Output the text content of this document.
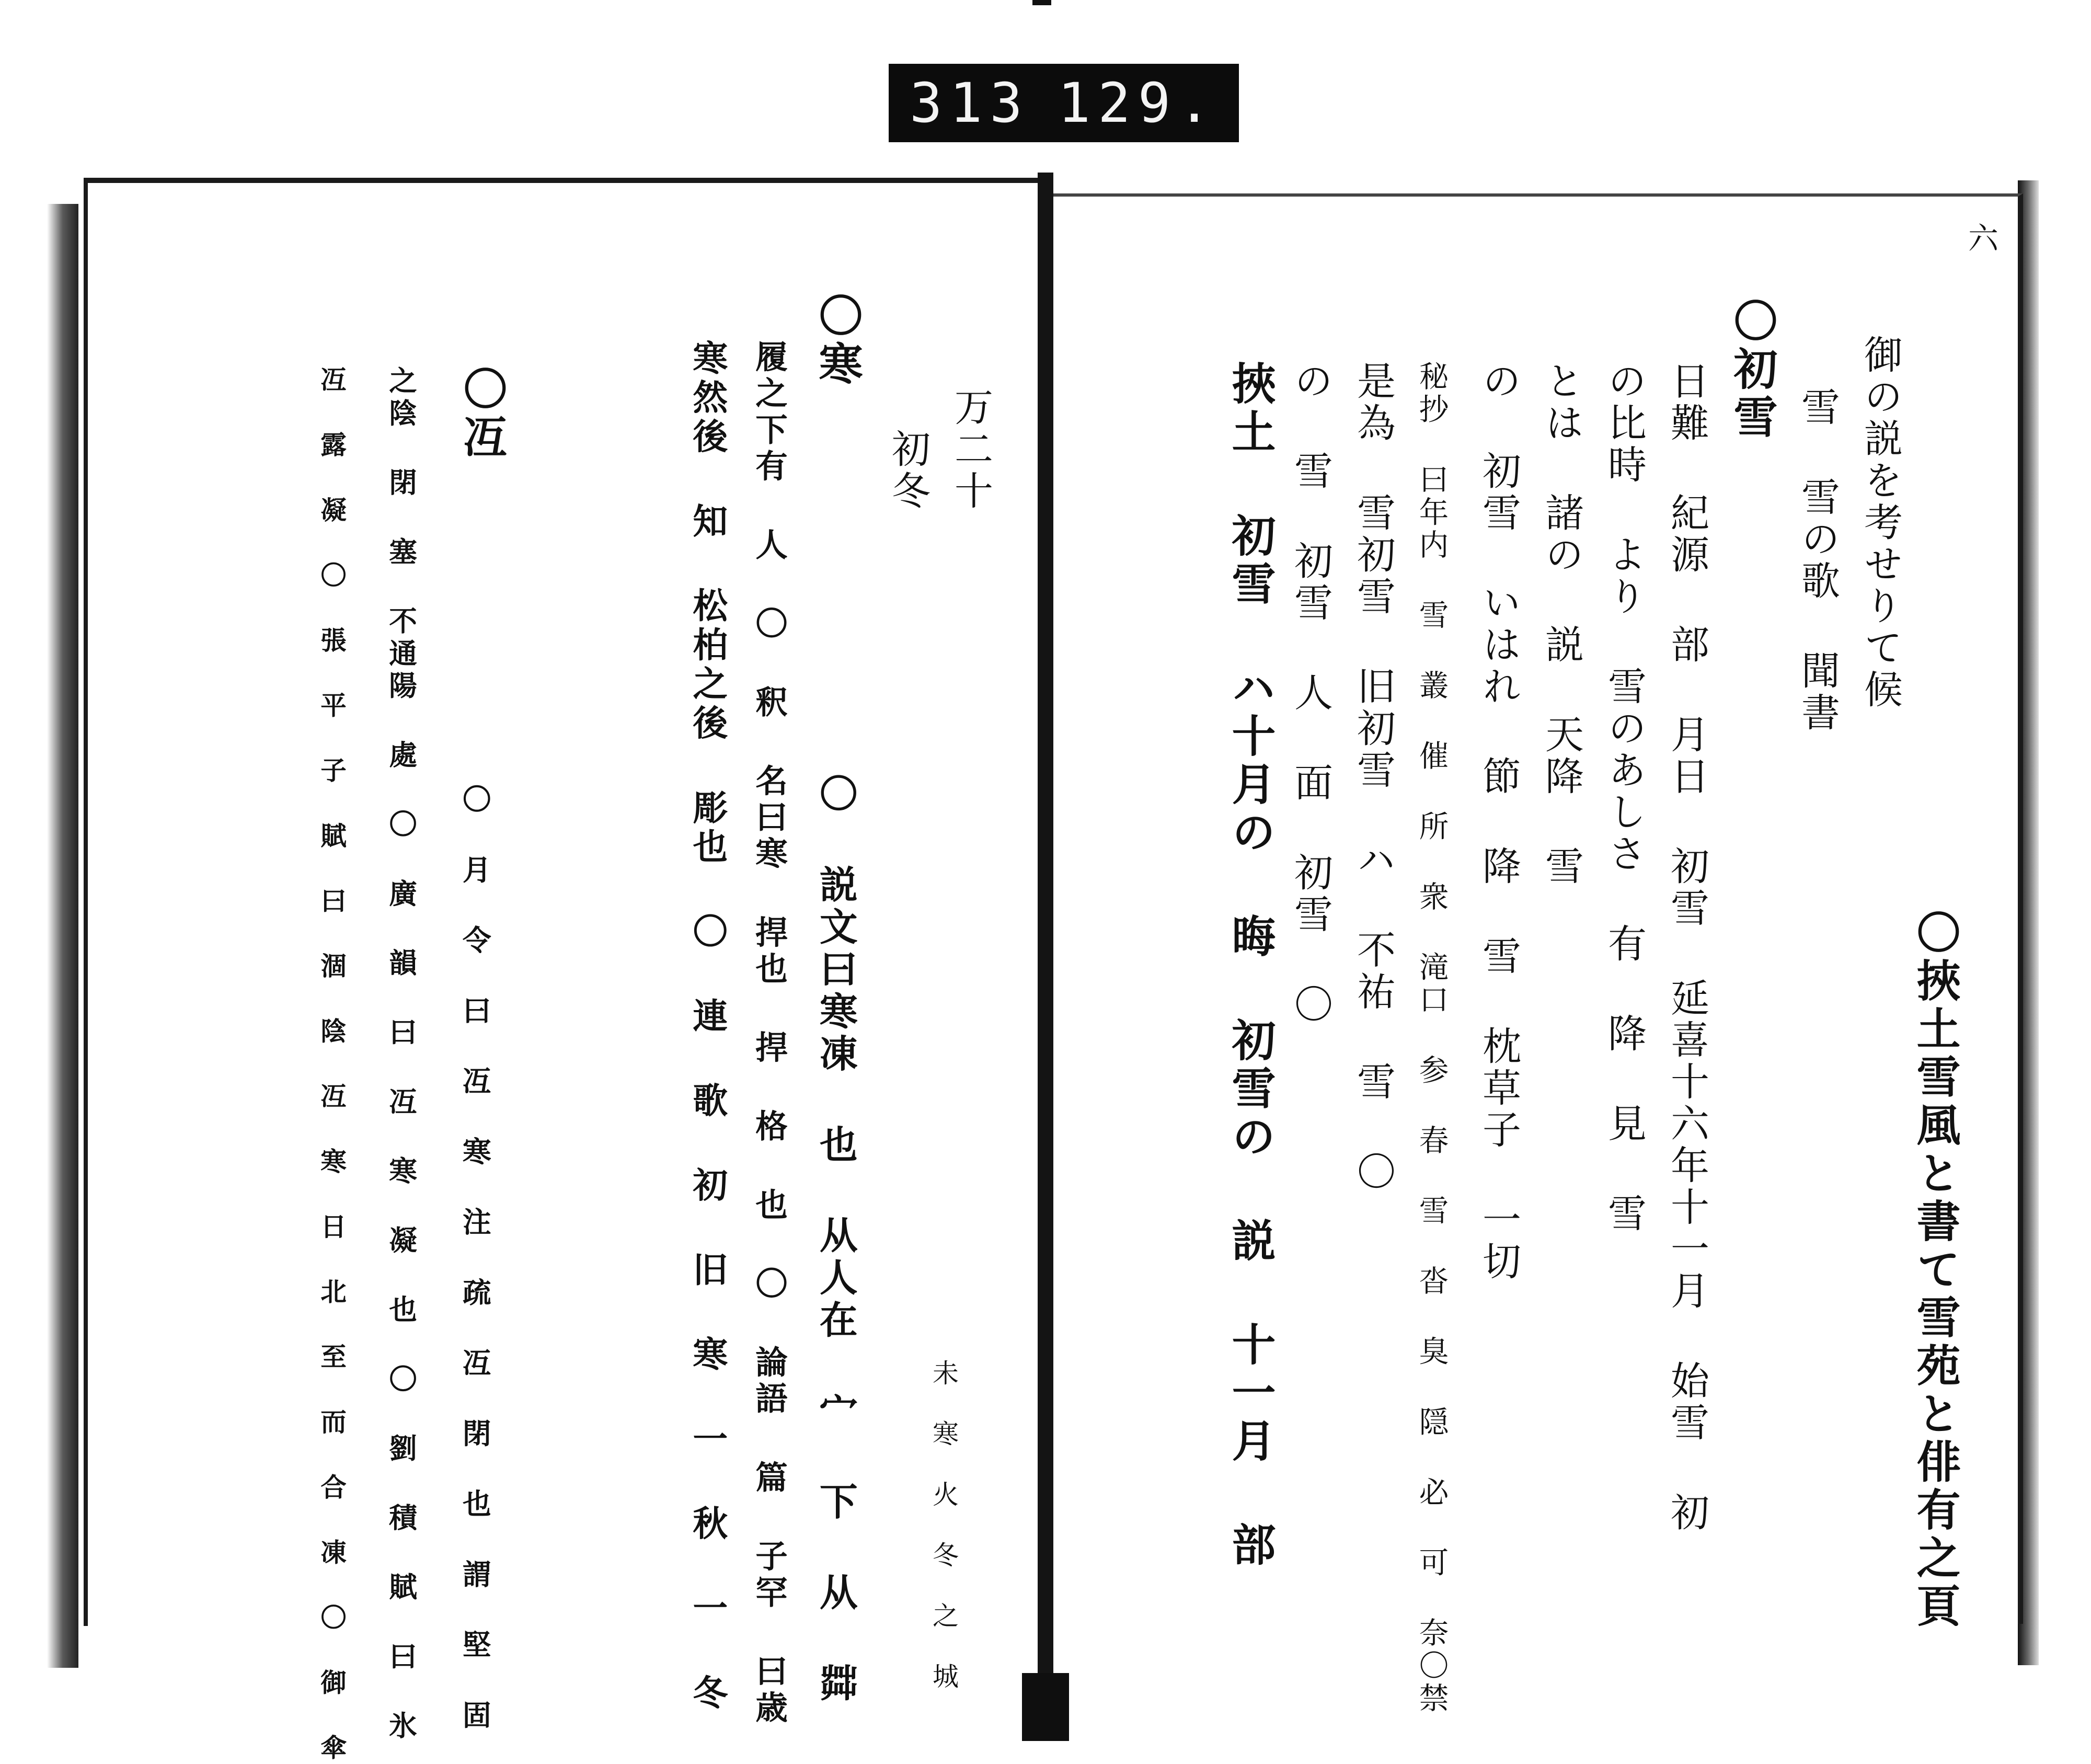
313 129.
六
〇挾土雪風と書て雪苑と俳有之頁
御の説を考せりて候
雪 雪の歌 聞書
〇初雪
日難 紀源 部 月日 初雪 延喜十六年十一月 始雪 初
の比時 より 雪のあしさ 有 降 見 雪
とは 諸の 説 天降 雪
の 初雪 いはれ 節 降 雪 枕草子 一切
秘抄 曰年内 雪 叢 催 所 衆 滝口 参 春 雪 沓 臭 隠 必 可 奈〇禁
是為 雪初雪 旧初雪 ハ 不祐 雪 〇
の 雪 初雪 人 面 初雪 〇
挾土 初雪 ハ十月の 晦 初雪の 説 十一月 部
万二十
初冬
未 寒 火 冬 之 城
〇寒
履之下有 人 〇 釈 名曰寒 捍也 捍 格 也 〇 論語 篇 子罕 曰歳
寒然後 知 松柏之後 彫也 〇 連 歌 初 旧 寒 一 秋 一 冬 〇 説文曰寒凍 也 从人在 宀 下 从 茻
〇冱
之陰 閉 塞 不通陽 處 〇 廣 韻 曰 冱 寒 凝 也 〇 劉 積 賦 曰 氷
冱 露 凝 〇 張 平 子 賦 曰 涸 陰 冱 寒 日 北 至 而 合 凍 〇 御 傘	〇 月 令 曰 冱 寒 注 疏 冱 閉 也 謂 堅 固
